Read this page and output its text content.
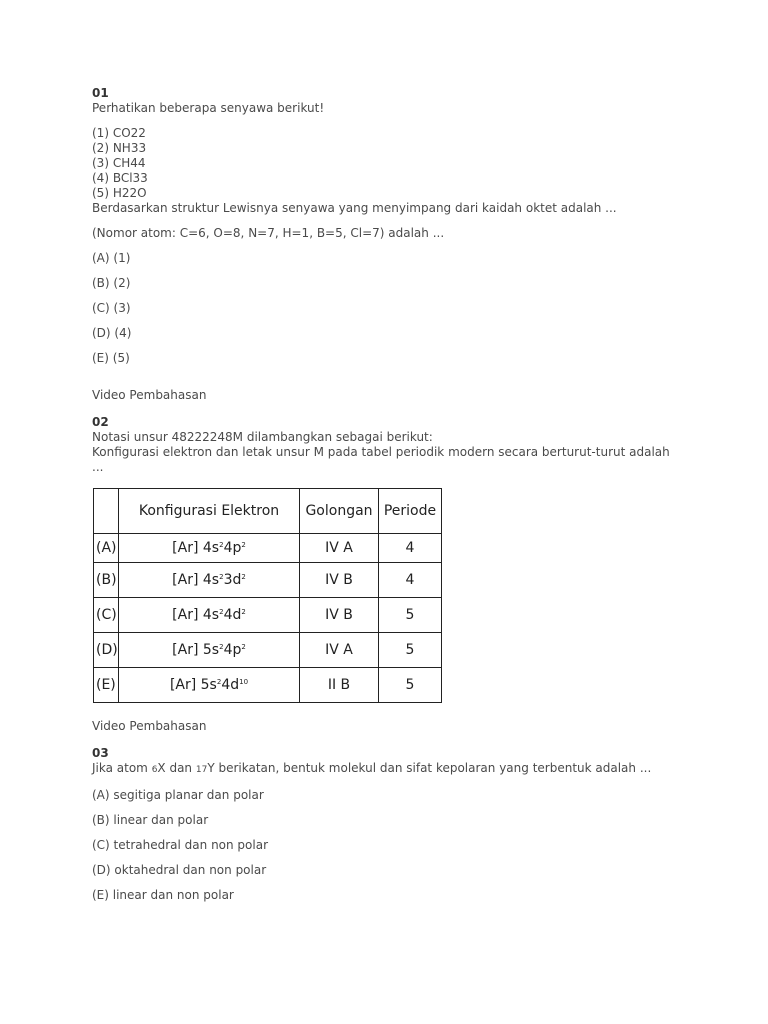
01
Perhatikan beberapa senyawa berikut!
(1) CO22
(2) NH33
(3) CH44
(4) BCl33
(5) H22O
Berdasarkan struktur Lewisnya senyawa yang menyimpang dari kaidah oktet adalah ...
(Nomor atom: C=6, O=8, N=7, H=1, B=5, Cl=7) adalah ...
(A) (1)
(B) (2)
(C) (3)
(D) (4)
(E) (5)
Video Pembahasan
02
Notasi unsur 48222248M dilambangkan sebagai berikut:
Konfigurasi elektron dan letak unsur M pada tabel periodik modern secara berturut-turut adalah ...
	Konfigurasi Elektron	Golongan	Periode
(A)	[Ar] $4s^24p^2$	IV A	4
(B)	[Ar] $4s^23d^2$	IV B	4
(C)	[Ar] $4s^24d^2$	IV B	5
(D)	[Ar] $5s^24p^2$	IV A	5
(E)	[Ar] $5s^24d^{10}$	II B	5
Video Pembahasan
03
Jika atom 6X dan 17Y berikatan, bentuk molekul dan sifat kepolaran yang terbentuk adalah ...
(A) segitiga planar dan polar
(B) linear dan polar
(C) tetrahedral dan non polar
(D) oktahedral dan non polar
(E) linear dan non polar
